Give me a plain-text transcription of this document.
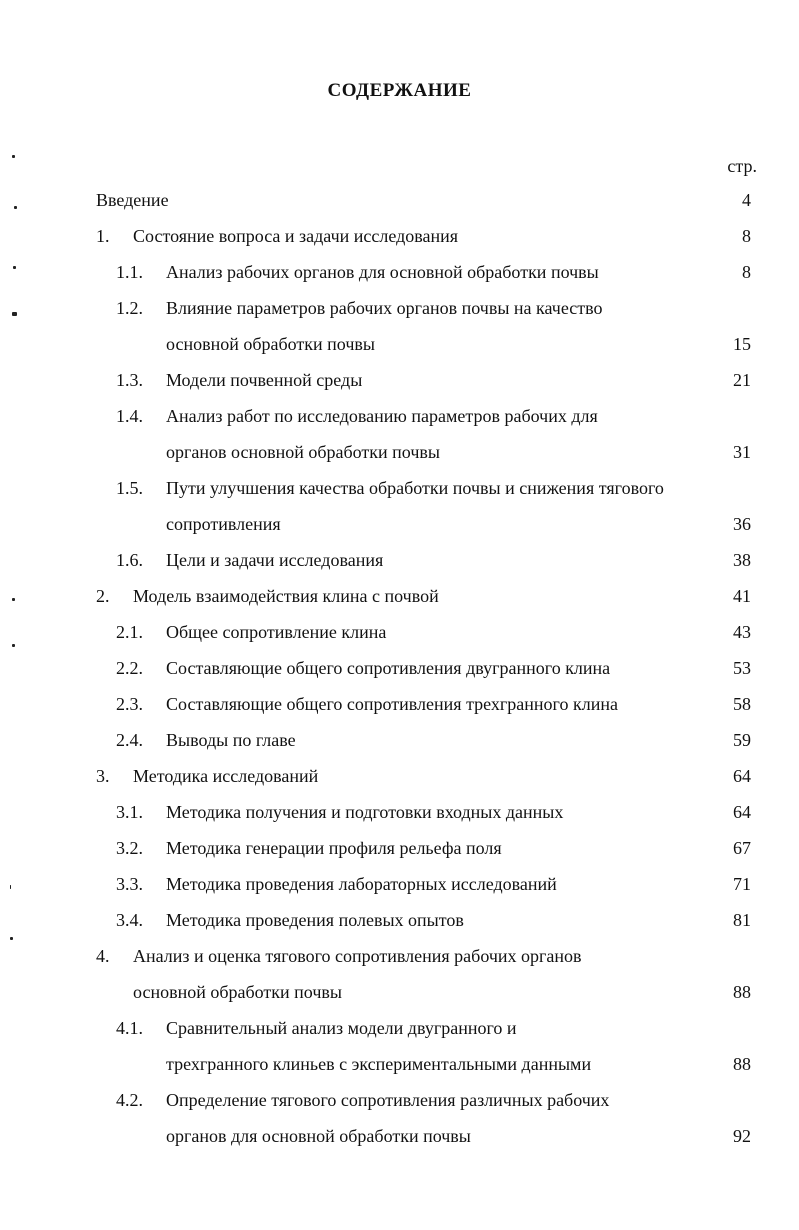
СОДЕРЖАНИЕ
стр.
Введение	4
1. Состояние вопроса и задачи исследования	8
1.1. Анализ рабочих органов для основной обработки почвы	8
1.2. Влияние параметров рабочих органов почвы на качество
основной обработки почвы	15
1.3. Модели почвенной среды	21
1.4. Анализ работ по исследованию параметров рабочих для
органов основной обработки почвы	31
1.5. Пути улучшения качества обработки почвы и снижения тягового
сопротивления	36
1.6. Цели и задачи исследования	38
2. Модель взаимодействия клина с почвой	41
2.1. Общее сопротивление клина	43
2.2. Составляющие общего сопротивления двугранного клина	53
2.3. Составляющие общего сопротивления трехгранного клина	58
2.4. Выводы по главе	59
3. Методика исследований	64
3.1. Методика получения и подготовки входных данных	64
3.2. Методика генерации профиля рельефа поля	67
3.3. Методика проведения лабораторных исследований	71
3.4. Методика проведения полевых опытов	81
4. Анализ и оценка тягового сопротивления рабочих органов
основной обработки почвы	88
4.1. Сравнительный анализ модели двугранного и
трехгранного клиньев с экспериментальными данными	88
4.2. Определение тягового сопротивления различных рабочих
органов для основной обработки почвы	92
